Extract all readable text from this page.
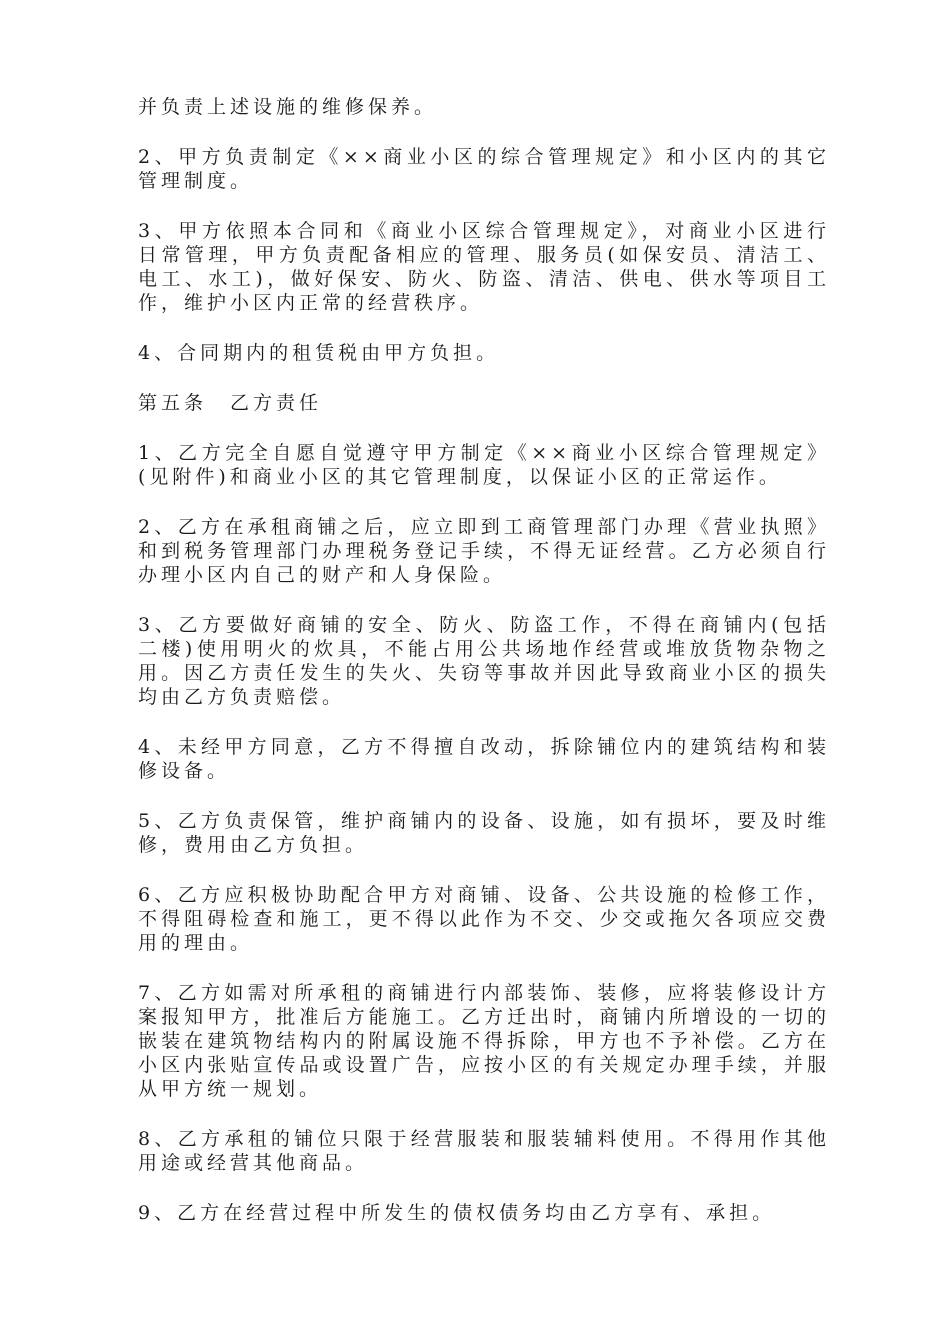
并负责上述设施的维修保养。

2、甲方负责制定《××商业小区的综合管理规定》和小区内的其它管理制度。

3、甲方依照本合同和《商业小区综合管理规定》，对商业小区进行日常管理，甲方负责配备相应的管理、服务员(如保安员、清洁工、电工、水工)，做好保安、防火、防盗、清洁、供电、供水等项目工作，维护小区内正常的经营秩序。

4、合同期内的租赁税由甲方负担。

第五条　乙方责任

1、乙方完全自愿自觉遵守甲方制定《××商业小区综合管理规定》(见附件)和商业小区的其它管理制度，以保证小区的正常运作。

2、乙方在承租商铺之后，应立即到工商管理部门办理《营业执照》和到税务管理部门办理税务登记手续，不得无证经营。乙方必须自行办理小区内自己的财产和人身保险。

3、乙方要做好商铺的安全、防火、防盗工作，不得在商铺内(包括二楼)使用明火的炊具，不能占用公共场地作经营或堆放货物杂物之用。因乙方责任发生的失火、失窃等事故并因此导致商业小区的损失均由乙方负责赔偿。

4、未经甲方同意，乙方不得擅自改动，拆除铺位内的建筑结构和装修设备。

5、乙方负责保管，维护商铺内的设备、设施，如有损坏，要及时维修，费用由乙方负担。

6、乙方应积极协助配合甲方对商铺、设备、公共设施的检修工作，不得阻碍检查和施工，更不得以此作为不交、少交或拖欠各项应交费用的理由。

7、乙方如需对所承租的商铺进行内部装饰、装修，应将装修设计方案报知甲方，批准后方能施工。乙方迁出时，商铺内所增设的一切的嵌装在建筑物结构内的附属设施不得拆除，甲方也不予补偿。乙方在小区内张贴宣传品或设置广告，应按小区的有关规定办理手续，并服从甲方统一规划。

8、乙方承租的铺位只限于经营服装和服装辅料使用。不得用作其他用途或经营其他商品。

9、乙方在经营过程中所发生的债权债务均由乙方享有、承担。
